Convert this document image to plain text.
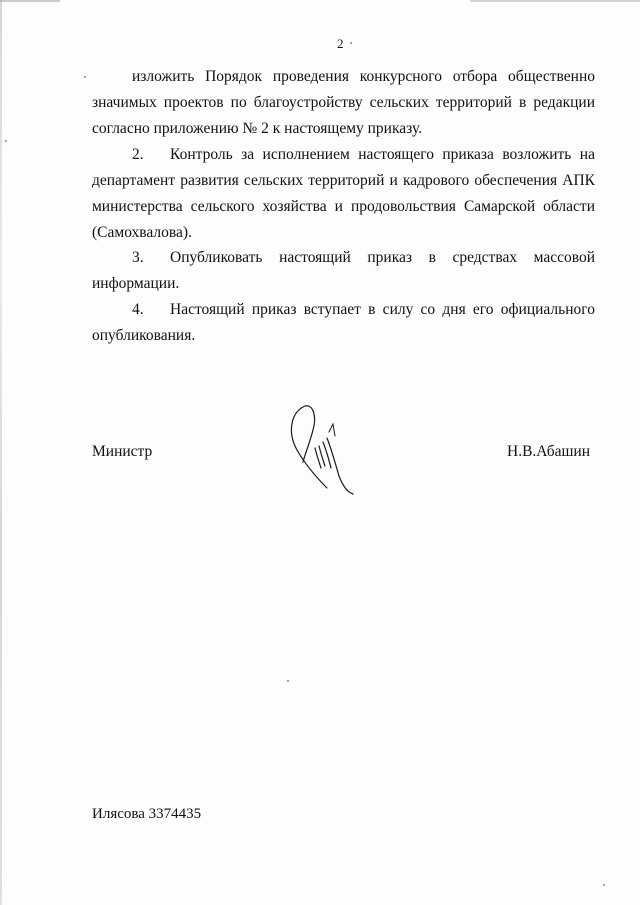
2
изложить Порядок проведения конкурсного отбора общественно
значимых проектов по благоустройству сельских территорий в редакции
согласно приложению № 2 к настоящему приказу.
2. Контроль за исполнением настоящего приказа возложить на
департамент развития сельских территорий и кадрового обеспечения АПК
министерства сельского хозяйства и продовольствия Самарской области
(Самохвалова).
3. Опубликовать настоящий приказ в средствах массовой
информации.
4. Настоящий приказ вступает в силу со дня его официального
опубликования.
Министр	Н.В.Абашин
Илясова 3374435
